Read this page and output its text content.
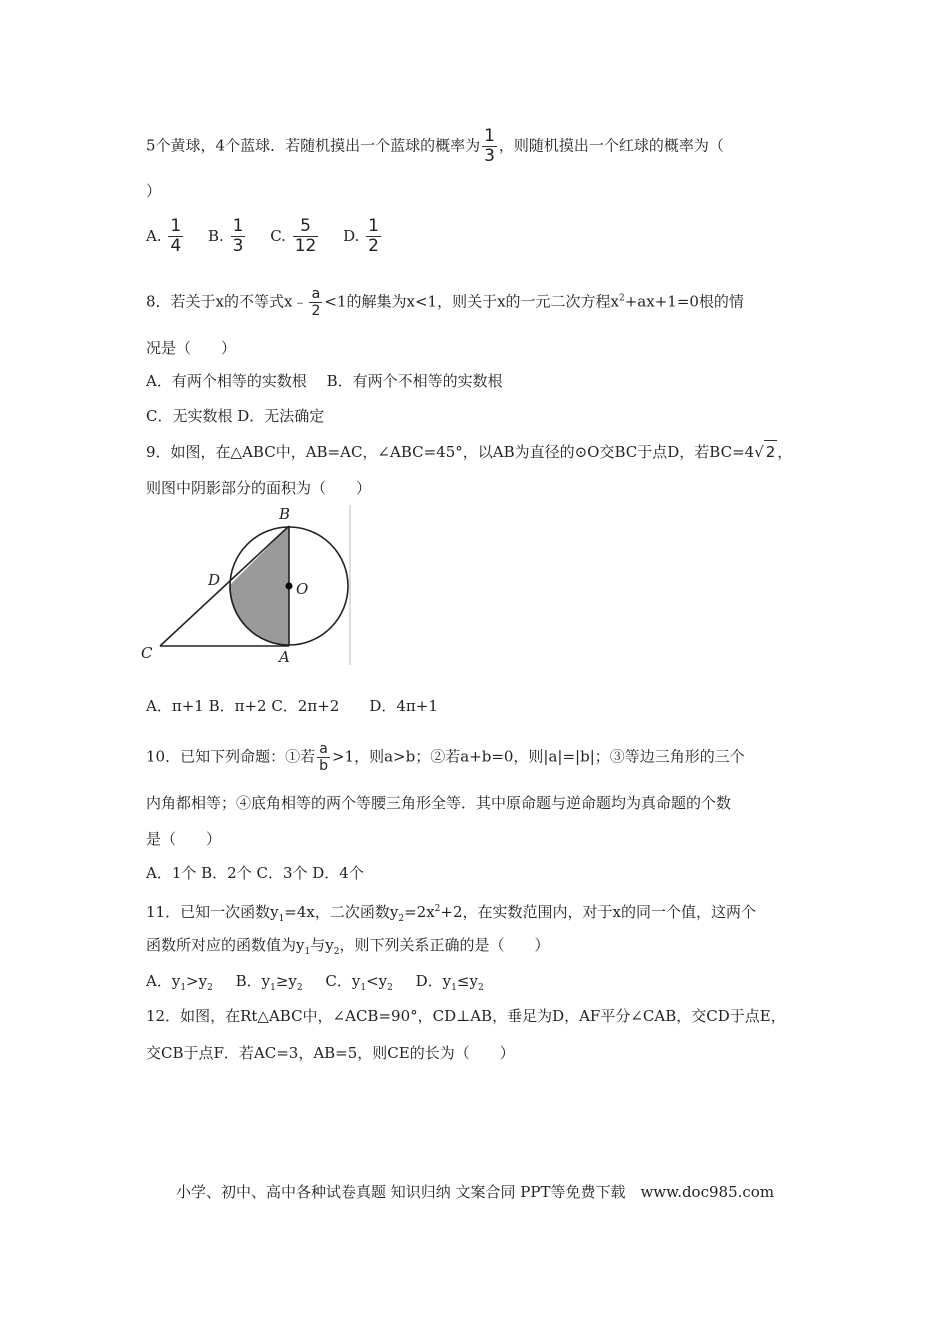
5个黄球，4个蓝球．若随机摸出一个蓝球的概率为 $\frac{1}{3}$ ，则随机摸出一个红球的概率为（
）
A. $\frac{1}{4} B$. $\frac{1}{3} C$. $\frac{5}{12} D$. $\frac{1}{2}$
8．若关于x的不等式x﹣ $\frac{a}{2} <1$的解集为x<1，则关于x的一元二次方程$x^2+ax+1=0$根的情
况是（　　）
A．有两个相等的实数根　 B．有两个不相等的实数根
C．无实数根 D．无法确定
9．如图，在△ABC中，AB=AC，∠ABC=45°，以AB为直径的⊙O交BC于点D，若BC=4√ 2 ，
则图中阴影部分的面积为（　　）
B
D	O
C	A
A．π+1 B．π+2 C．2π+2　　D．4π+1
10．已知下列命题：①若 $\frac{a}{b} >1$，则a>b；②若a+b=0，则|a|=|b|；③等边三角形的三个
内角都相等；④底角相等的两个等腰三角形全等．其中原命题与逆命题均为真命题的个数
是（　　）
A．1个 B．2个 C．3个 D．4个
11．已知一次函数$y_1=4x$，二次函数$y_2=2x^2+2$，在实数范围内，对于x的同一个值，这两个
函数所对应的函数值为$y_1$与$y_2$，则下列关系正确的是（　　）
A．$y_1>y_2$ B．$y_1\ge y_2$ C．$y_1<y_2$ D．$y_1\le y_2$
12．如图，在Rt△ABC中，∠ACB=90°，CD⊥AB，垂足为D，AF平分∠CAB，交CD于点E，
交CB于点F．若AC=3，AB=5，则CE的长为（　　）
小学、初中、高中各种试卷真题 知识归纳 文案合同 PPT等免费下载　www.doc985.com
